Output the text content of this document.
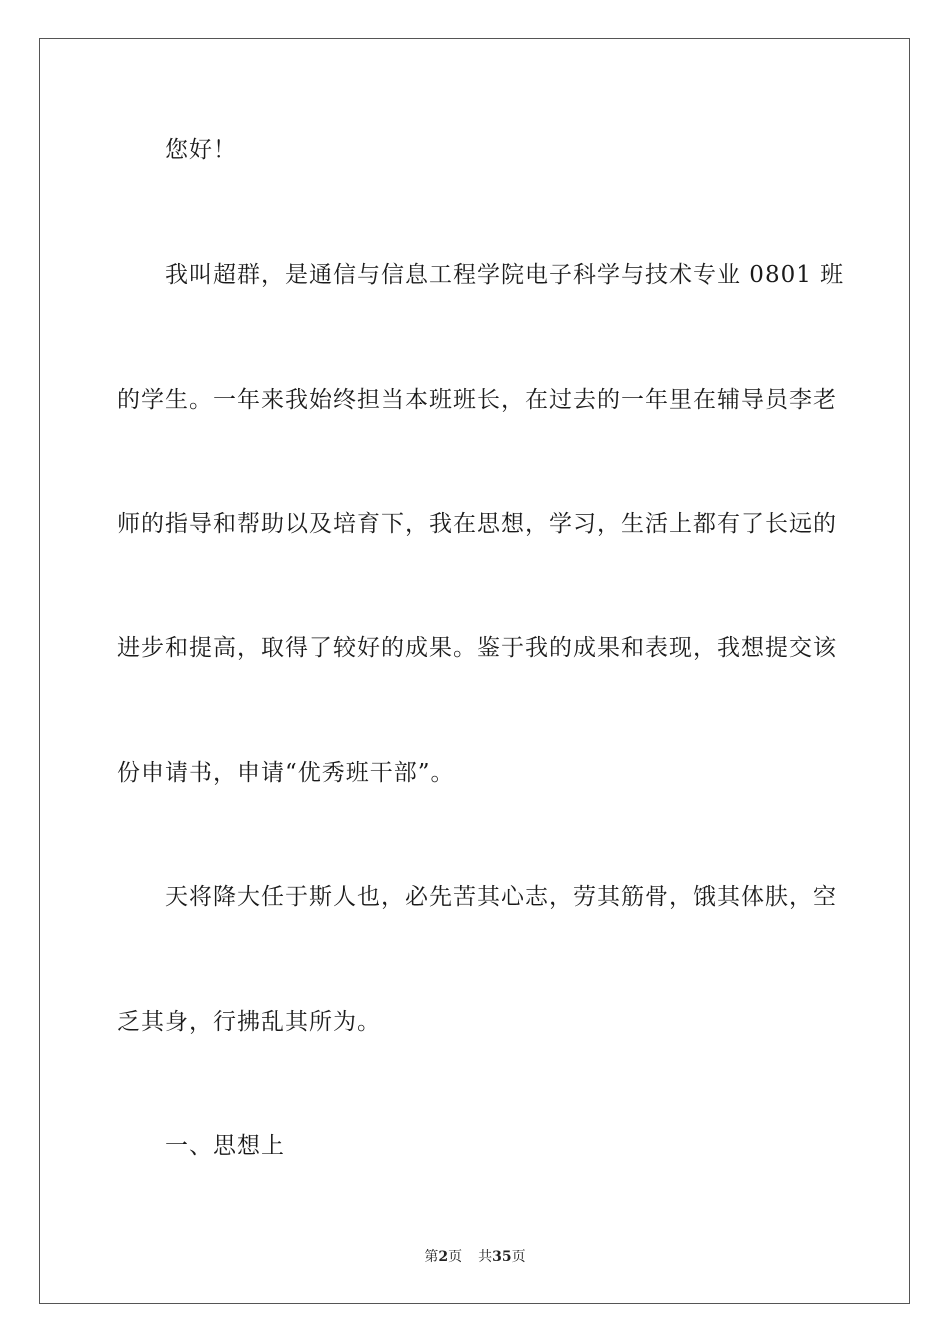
您好！
我叫超群，是通信与信息工程学院电子科学与技术专业 0801 班
的学生。一年来我始终担当本班班长，在过去的一年里在辅导员李老
师的指导和帮助以及培育下，我在思想，学习，生活上都有了长远的
进步和提高，取得了较好的成果。鉴于我的成果和表现，我想提交该
份申请书，申请“优秀班干部”。
天将降大任于斯人也，必先苦其心志，劳其筋骨，饿其体肤，空
乏其身，行拂乱其所为。
一、思想上
第2页 共35页
